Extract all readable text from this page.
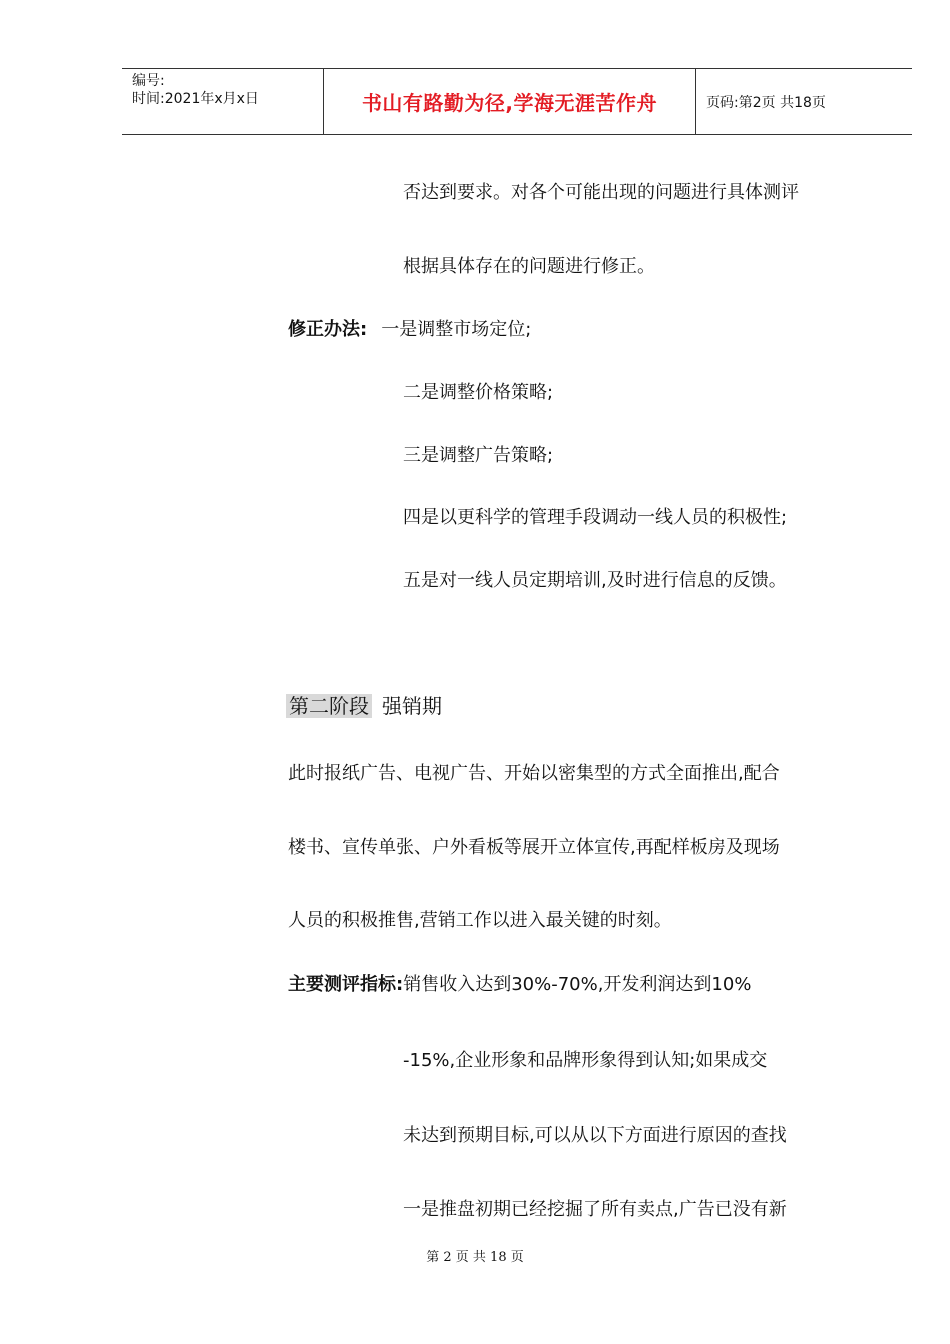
编号:
时间:2021年x月x日	书山有路勤为径,学海无涯苦作舟	页码:第2页 共18页
否达到要求。对各个可能出现的问题进行具体测评
根据具体存在的问题进行修正。
修正办法: 一是调整市场定位;
二是调整价格策略;
三是调整广告策略;
四是以更科学的管理手段调动一线人员的积极性;
五是对一线人员定期培训,及时进行信息的反馈。
第二阶段 强销期
此时报纸广告、电视广告、开始以密集型的方式全面推出,配合
楼书、宣传单张、户外看板等展开立体宣传,再配样板房及现场
人员的积极推售,营销工作以进入最关键的时刻。
主要测评指标:销售收入达到30%-70%,开发利润达到10%
-15%,企业形象和品牌形象得到认知;如果成交
未达到预期目标,可以从以下方面进行原因的查找
一是推盘初期已经挖掘了所有卖点,广告已没有新
第 2 页 共 18 页
